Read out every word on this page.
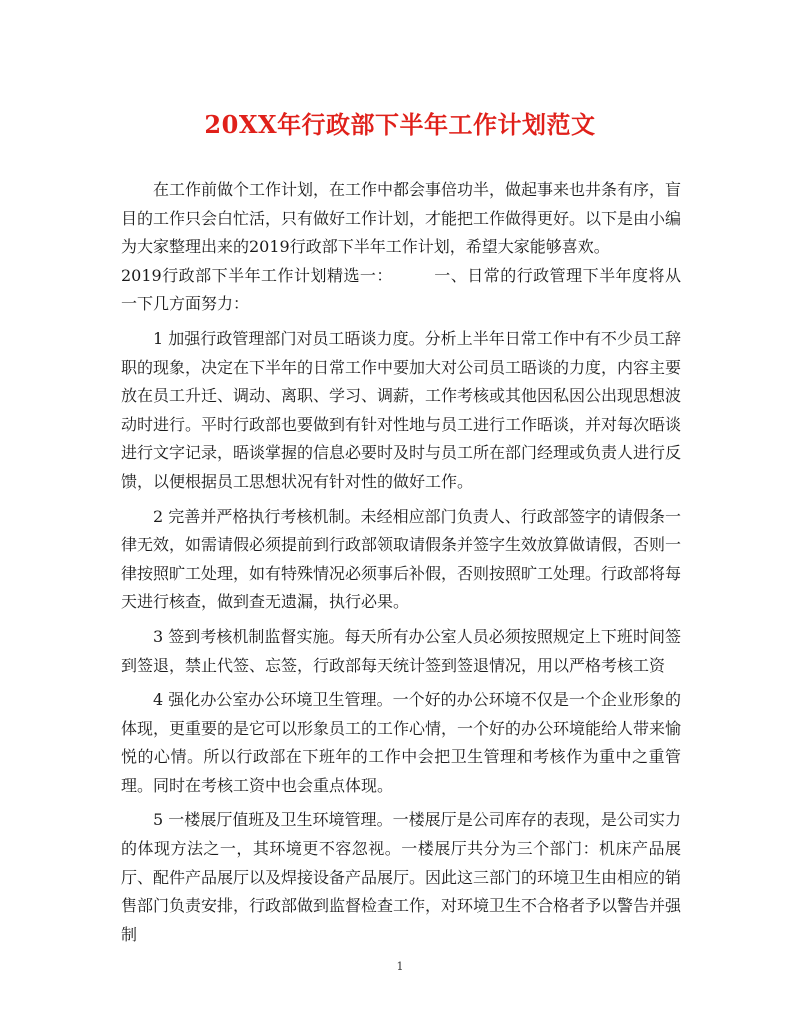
20XX年行政部下半年工作计划范文

在工作前做个工作计划，在工作中都会事倍功半，做起事来也井条有序，盲目的工作只会白忙活，只有做好工作计划，才能把工作做得更好。以下是由小编为大家整理出来的2019行政部下半年工作计划，希望大家能够喜欢。

2019行政部下半年工作计划精选一：　　　一、日常的行政管理下半年度将从一下几方面努力：

1 加强行政管理部门对员工晤谈力度。分析上半年日常工作中有不少员工辞职的现象，决定在下半年的日常工作中要加大对公司员工晤谈的力度，内容主要放在员工升迁、调动、离职、学习、调薪，工作考核或其他因私因公出现思想波动时进行。平时行政部也要做到有针对性地与员工进行工作晤谈，并对每次晤谈进行文字记录，晤谈掌握的信息必要时及时与员工所在部门经理或负责人进行反馈，以便根据员工思想状况有针对性的做好工作。

2 完善并严格执行考核机制。未经相应部门负责人、行政部签字的请假条一律无效，如需请假必须提前到行政部领取请假条并签字生效放算做请假，否则一律按照旷工处理，如有特殊情况必须事后补假，否则按照旷工处理。行政部将每天进行核查，做到查无遗漏，执行必果。

3 签到考核机制监督实施。每天所有办公室人员必须按照规定上下班时间签到签退，禁止代签、忘签，行政部每天统计签到签退情况，用以严格考核工资

4 强化办公室办公环境卫生管理。一个好的办公环境不仅是一个企业形象的体现，更重要的是它可以形象员工的工作心情，一个好的办公环境能给人带来愉悦的心情。所以行政部在下班年的工作中会把卫生管理和考核作为重中之重管理。同时在考核工资中也会重点体现。

5 一楼展厅值班及卫生环境管理。一楼展厅是公司库存的表现，是公司实力的体现方法之一，其环境更不容忽视。一楼展厅共分为三个部门：机床产品展厅、配件产品展厅以及焊接设备产品展厅。因此这三部门的环境卫生由相应的销售部门负责安排，行政部做到监督检查工作，对环境卫生不合格者予以警告并强制

1
